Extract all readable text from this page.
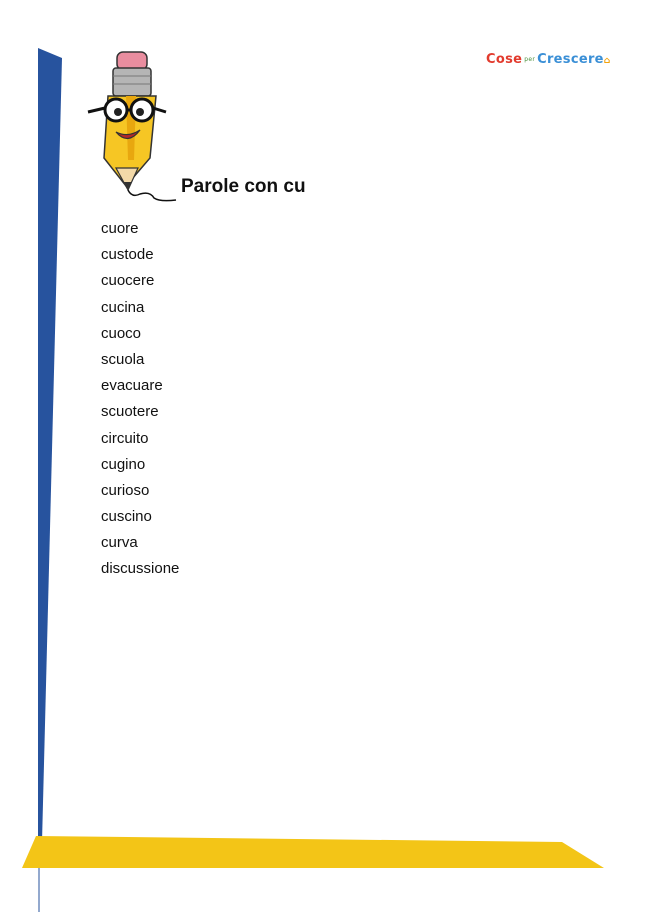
Cose per Crescere⌂
Parole con cu
cuore
custode
cuocere
cucina
cuoco
scuola
evacuare
scuotere
circuito
cugino
curioso
cuscino
curva
discussione
